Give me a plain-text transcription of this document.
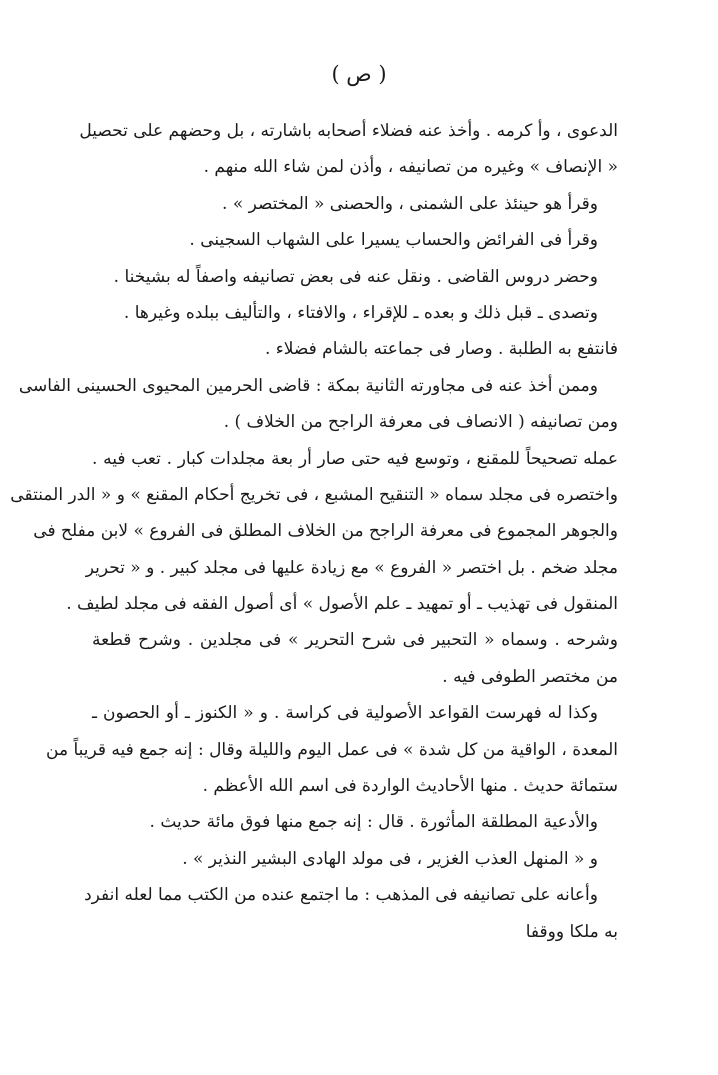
( ص )
الدعوى ، وأ كرمه . وأخذ عنه فضلاء أصحابه باشارته ، بل وحضهم على تحصيل
« الإنصاف » وغيره من تصانيفه ، وأذن لمن شاء الله منهم .
وقرأ هو حينئذ على الشمنى ، والحصنى « المختصر » .
وقرأ فى الفرائض والحساب يسيرا على الشهاب السجينى .
وحضر دروس القاضى . ونقل عنه فى بعض تصانيفه واصفاً له بشيخنا .
وتصدى ـ قبل ذلك و بعده ـ للإقراء ، والافتاء ، والتأليف ببلده وغيرها .
فانتفع به الطلبة . وصار فى جماعته بالشام فضلاء .
وممن أخذ عنه فى مجاورته الثانية بمكة : قاضى الحرمين المحيوى الحسينى الفاسى
ومن تصانيفه ( الانصاف فى معرفة الراجح من الخلاف ) .
عمله تصحيحاً للمقنع ، وتوسع فيه حتى صار أر بعة مجلدات كبار . تعب فيه .
واختصره فى مجلد سماه « التنقيح المشبع ، فى تخريج أحكام المقنع » و « الدر المنتقى
والجوهر المجموع فى معرفة الراجح من الخلاف المطلق فى الفروع » لابن مفلح فى
مجلد ضخم . بل اختصر « الفروع » مع زيادة عليها فى مجلد كبير . و « تحرير
المنقول فى تهذيب ـ أو تمهيد ـ علم الأصول » أى أصول الفقه فى مجلد لطيف .
وشرحه . وسماه « التحبير فى شرح التحرير » فى مجلدين . وشرح قطعة
من مختصر الطوفى فيه .
وكذا له فهرست القواعد الأصولية فى كراسة . و « الكنوز ـ أو الحصون ـ
المعدة ، الواقية من كل شدة » فى عمل اليوم والليلة وقال : إنه جمع فيه قريباً من
ستمائة حديث . منها الأحاديث الواردة فى اسم الله الأعظم .
والأدعية المطلقة المأثورة . قال : إنه جمع منها فوق مائة حديث .
و « المنهل العذب الغزير ، فى مولد الهادى البشير النذير » .
وأعانه على تصانيفه فى المذهب : ما اجتمع عنده من الكتب مما لعله انفرد
به ملكا ووقفا
